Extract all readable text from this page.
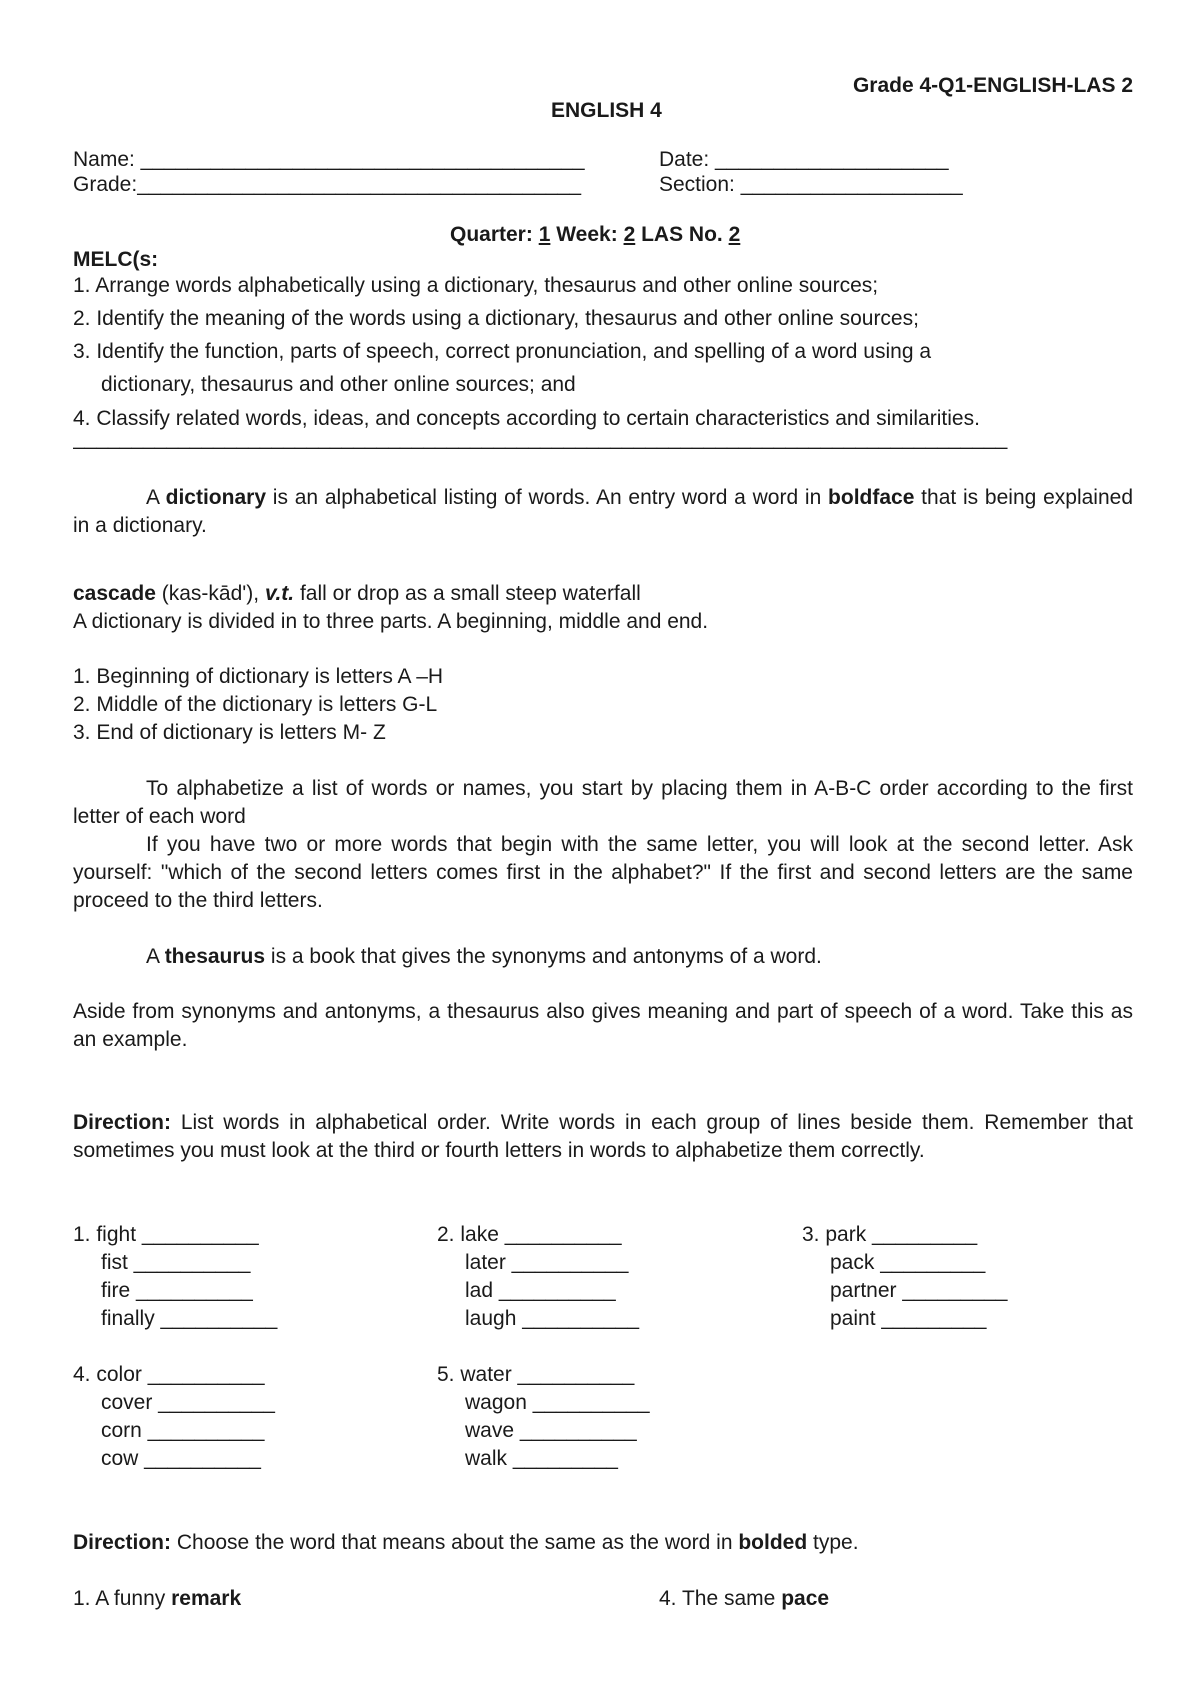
Grade 4-Q1-ENGLISH-LAS 2
ENGLISH 4
Name: ______________________________________	Date: ____________________
Grade:______________________________________	Section: ___________________
Quarter: 1 Week: 2 LAS No. 2
MELC(s:
1. Arrange words alphabetically using a dictionary, thesaurus and other online sources;
2. Identify the meaning of the words using a dictionary, thesaurus and other online sources;
3. Identify the function, parts of speech, correct pronunciation, and spelling of a word using a
dictionary, thesaurus and other online sources; and
4. Classify related words, ideas, and concepts according to certain characteristics and similarities.
________________________________________________________________________________
A dictionary is an alphabetical listing of words. An entry word a word in boldface that is being explained in a dictionary.
cascade (kas-kād'), v.t. fall or drop as a small steep waterfall
A dictionary is divided in to three parts. A beginning, middle and end.
1. Beginning of dictionary is letters A –H
2. Middle of the dictionary is letters G-L
3. End of dictionary is letters M- Z
To alphabetize a list of words or names, you start by placing them in A-B-C order according to the first letter of each word
If you have two or more words that begin with the same letter, you will look at the second letter. Ask yourself: "which of the second letters comes first in the alphabet?" If the first and second letters are the same proceed to the third letters.
A thesaurus is a book that gives the synonyms and antonyms of a word.
Aside from synonyms and antonyms, a thesaurus also gives meaning and part of speech of a word. Take this as an example.
Direction: List words in alphabetical order. Write words in each group of lines beside them. Remember that sometimes you must look at the third or fourth letters in words to alphabetize them correctly.
1. fight __________
fist __________
fire __________
finally __________
2. lake __________
later __________
lad __________
laugh __________
3. park _________
pack _________
partner _________
paint _________
4. color __________
cover __________
corn __________
cow __________
5. water __________
wagon __________
wave __________
walk _________
Direction: Choose the word that means about the same as the word in bolded type.
1. A funny remark	4. The same pace
